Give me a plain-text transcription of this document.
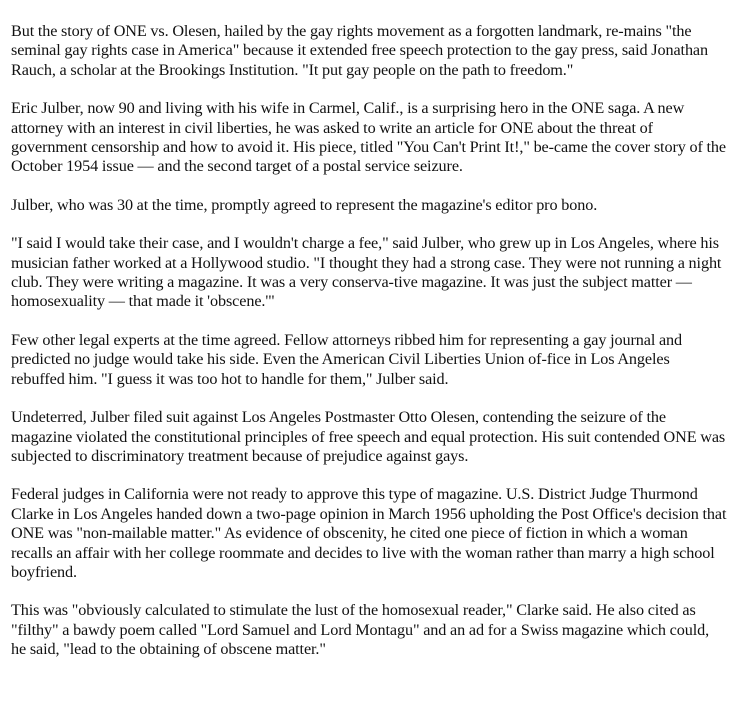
But the story of ONE vs. Olesen, hailed by the gay rights movement as a forgotten landmark, re-mains "the seminal gay rights case in America" because it extended free speech protection to the gay press, said Jonathan Rauch, a scholar at the Brookings Institution. "It put gay people on the path to freedom."

Eric Julber, now 90 and living with his wife in Carmel, Calif., is a surprising hero in the ONE saga. A new attorney with an interest in civil liberties, he was asked to write an article for ONE about the threat of government censorship and how to avoid it. His piece, titled "You Can't Print It!," be-came the cover story of the October 1954 issue — and the second target of a postal service seizure.

Julber, who was 30 at the time, promptly agreed to represent the magazine's editor pro bono.

"I said I would take their case, and I wouldn't charge a fee," said Julber, who grew up in Los Angeles, where his musician father worked at a Hollywood studio. "I thought they had a strong case. They were not running a night club. They were writing a magazine. It was a very conserva-tive magazine. It was just the subject matter — homosexuality — that made it 'obscene.'"

Few other legal experts at the time agreed. Fellow attorneys ribbed him for representing a gay journal and predicted no judge would take his side. Even the American Civil Liberties Union of-fice in Los Angeles rebuffed him. "I guess it was too hot to handle for them," Julber said.

Undeterred, Julber filed suit against Los Angeles Postmaster Otto Olesen, contending the seizure of the magazine violated the constitutional principles of free speech and equal protection. His suit contended ONE was subjected to discriminatory treatment because of prejudice against gays.

Federal judges in California were not ready to approve this type of magazine. U.S. District Judge Thurmond Clarke in Los Angeles handed down a two-page opinion in March 1956 upholding the Post Office's decision that ONE was "non-mailable matter." As evidence of obscenity, he cited one piece of fiction in which a woman recalls an affair with her college roommate and decides to live with the woman rather than marry a high school boyfriend.

This was "obviously calculated to stimulate the lust of the homosexual reader," Clarke said. He also cited as "filthy" a bawdy poem called "Lord Samuel and Lord Montagu" and an ad for a Swiss magazine which could, he said, "lead to the obtaining of obscene matter."
